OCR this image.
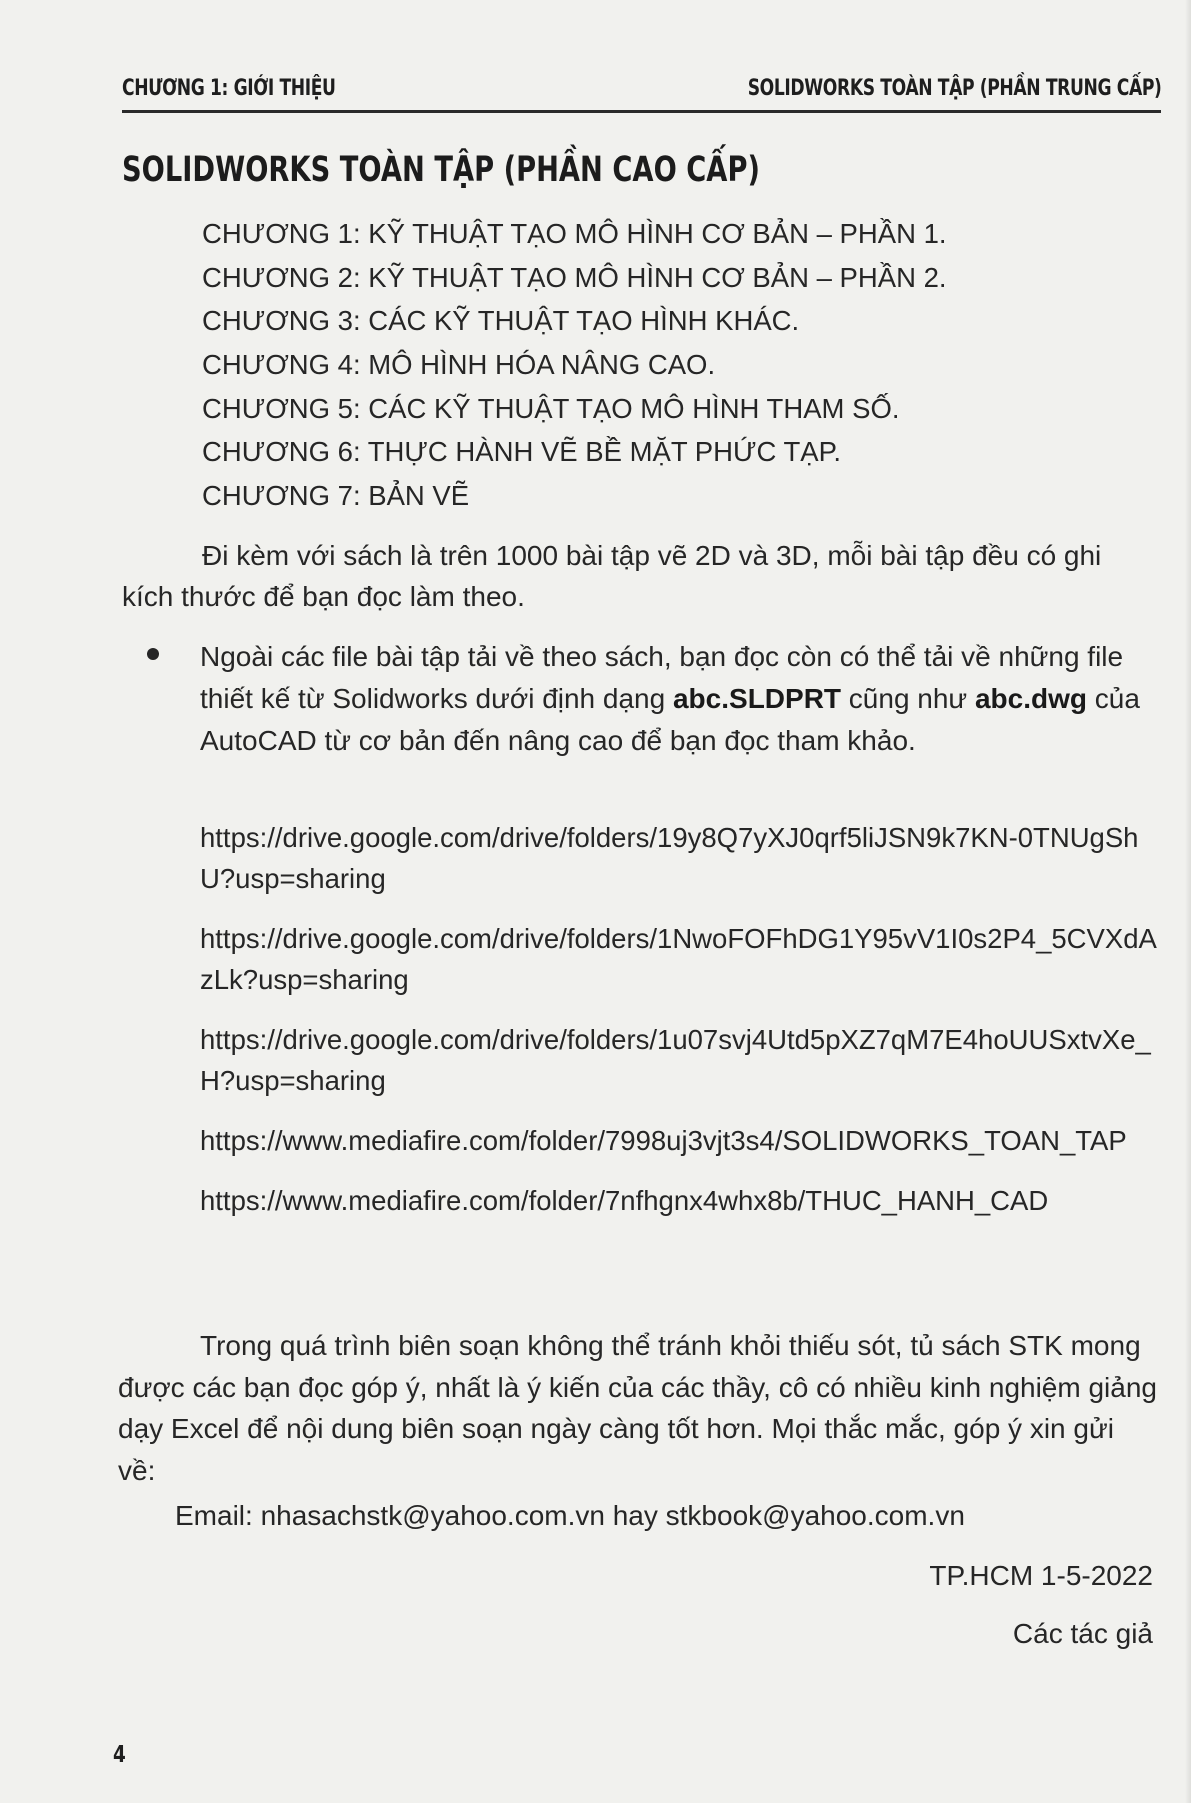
CHƯƠNG 1: GIỚI THIỆU	SOLIDWORKS TOÀN TẬP (PHẦN TRUNG CẤP)
SOLIDWORKS TOÀN TẬP (PHẦN CAO CẤP)
CHƯƠNG 1: KỸ THUẬT TẠO MÔ HÌNH CƠ BẢN – PHẦN 1.
CHƯƠNG 2: KỸ THUẬT TẠO MÔ HÌNH CƠ BẢN – PHẦN 2.
CHƯƠNG 3: CÁC KỸ THUẬT TẠO HÌNH KHÁC.
CHƯƠNG 4: MÔ HÌNH HÓA NÂNG CAO.
CHƯƠNG 5: CÁC KỸ THUẬT TẠO MÔ HÌNH THAM SỐ.
CHƯƠNG 6: THỰC HÀNH VẼ BỀ MẶT PHỨC TẠP.
CHƯƠNG 7: BẢN VẼ

Đi kèm với sách là trên 1000 bài tập vẽ 2D và 3D, mỗi bài tập đều có ghi kích thước để bạn đọc làm theo.

Ngoài các file bài tập tải về theo sách, bạn đọc còn có thể tải về những file thiết kế từ Solidworks dưới định dạng abc.SLDPRT cũng như abc.dwg của AutoCAD từ cơ bản đến nâng cao để bạn đọc tham khảo.

https://drive.google.com/drive/folders/19y8Q7yXJ0qrf5liJSN9k7KN-0TNUgShU?usp=sharing
https://drive.google.com/drive/folders/1NwoFOFhDG1Y95vV1I0s2P4_5CVXdAzLk?usp=sharing
https://drive.google.com/drive/folders/1u07svj4Utd5pXZ7qM7E4hoUUSxtvXe_H?usp=sharing
https://www.mediafire.com/folder/7998uj3vjt3s4/SOLIDWORKS_TOAN_TAP
https://www.mediafire.com/folder/7nfhgnx4whx8b/THUC_HANH_CAD

Trong quá trình biên soạn không thể tránh khỏi thiếu sót, tủ sách STK mong được các bạn đọc góp ý, nhất là ý kiến của các thầy, cô có nhiều kinh nghiệm giảng dạy Excel để nội dung biên soạn ngày càng tốt hơn. Mọi thắc mắc, góp ý xin gửi về:

Email: nhasachstk@yahoo.com.vn hay stkbook@yahoo.com.vn
TP.HCM 1-5-2022
Các tác giả
4
